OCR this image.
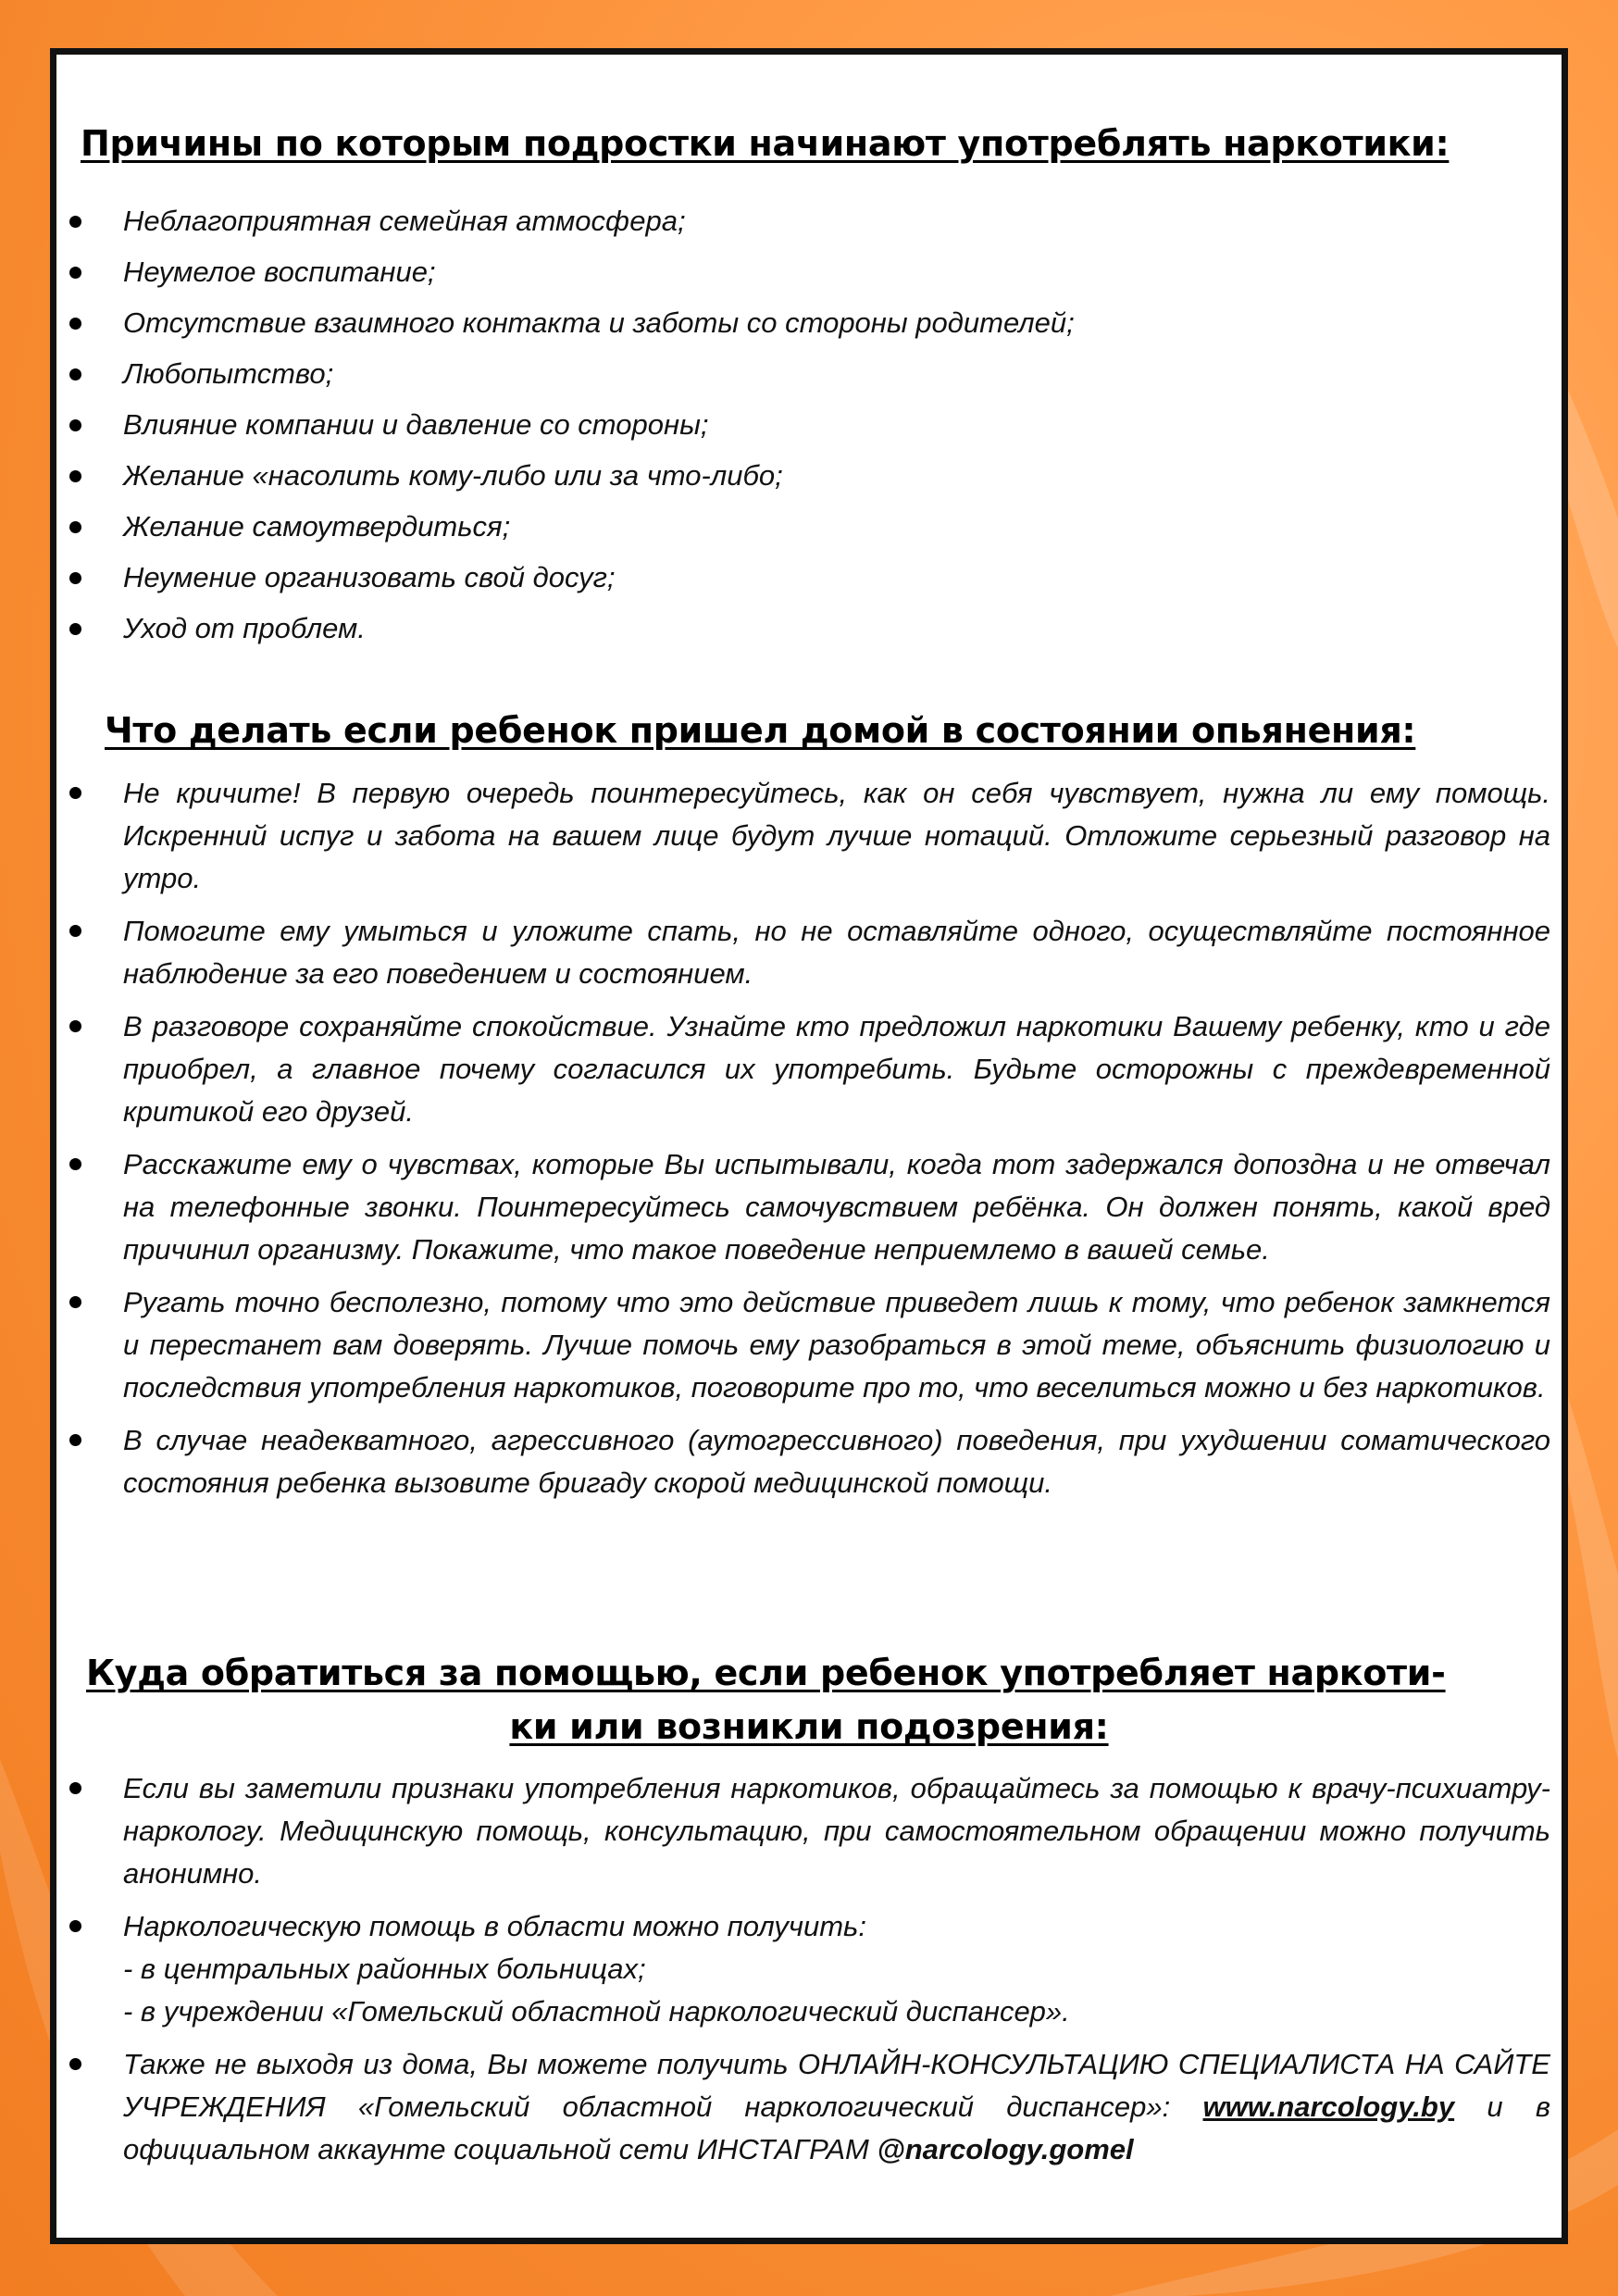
Причины по которым подростки начинают употреблять наркотики:
Неблагоприятная семейная атмосфера;
Неумелое воспитание;
Отсутствие взаимного контакта и заботы со стороны родителей;
Любопытство;
Влияние компании и давление со стороны;
Желание «насолить кому-либо или за что-либо;
Желание самоутвердиться;
Неумение организовать свой досуг;
Уход от проблем.
Что делать если ребенок пришел домой в состоянии опьянения:
Не кричите! В первую очередь поинтересуйтесь, как он себя чувствует, нужна ли ему помощь. Искренний испуг и забота на вашем лице будут лучше нотаций. Отложите серьезный разговор на утро.
Помогите ему умыться и уложите спать, но не оставляйте одного, осуществляйте постоянное наблюдение за его поведением и состоянием.
В разговоре сохраняйте спокойствие. Узнайте кто предложил наркотики Вашему ребенку, кто и где приобрел, а главное почему согласился их употребить. Будьте осторожны с преждевременной критикой его друзей.
Расскажите ему о чувствах, которые Вы испытывали, когда тот задержался допоздна и не отвечал на телефонные звонки. Поинтересуйтесь самочувствием ребёнка. Он должен понять, какой вред причинил организму. Покажите, что такое поведение неприемлемо в вашей семье.
Ругать точно бесполезно, потому что это действие приведет лишь к тому, что ребенок замкнется и перестанет вам доверять. Лучше помочь ему разобраться в этой теме, объяснить физиологию и последствия употребления наркотиков, поговорите про то, что веселиться можно и без наркотиков.
В случае неадекватного, агрессивного (аутогрессивного) поведения, при ухудшении соматического состояния ребенка вызовите бригаду скорой медицинской помощи.
Куда обратиться за помощью, если ребенок употребляет наркоти-
ки или возникли подозрения:
Если вы заметили признаки употребления наркотиков, обращайтесь за помощью к врачу-психиатру-наркологу. Медицинскую помощь, консультацию, при самостоятельном обращении можно получить анонимно.
Наркологическую помощь в области можно получить:
- в центральных районных больницах;
- в учреждении «Гомельский областной наркологический диспансер».
Также не выходя из дома, Вы можете получить ОНЛАЙН-КОНСУЛЬТАЦИЮ СПЕЦИАЛИСТА НА САЙТЕ УЧРЕЖДЕНИЯ «Гомельский областной наркологический диспансер»: www.narcology.by и в официальном аккаунте социальной сети ИНСТАГРАМ @narcology.gomel
